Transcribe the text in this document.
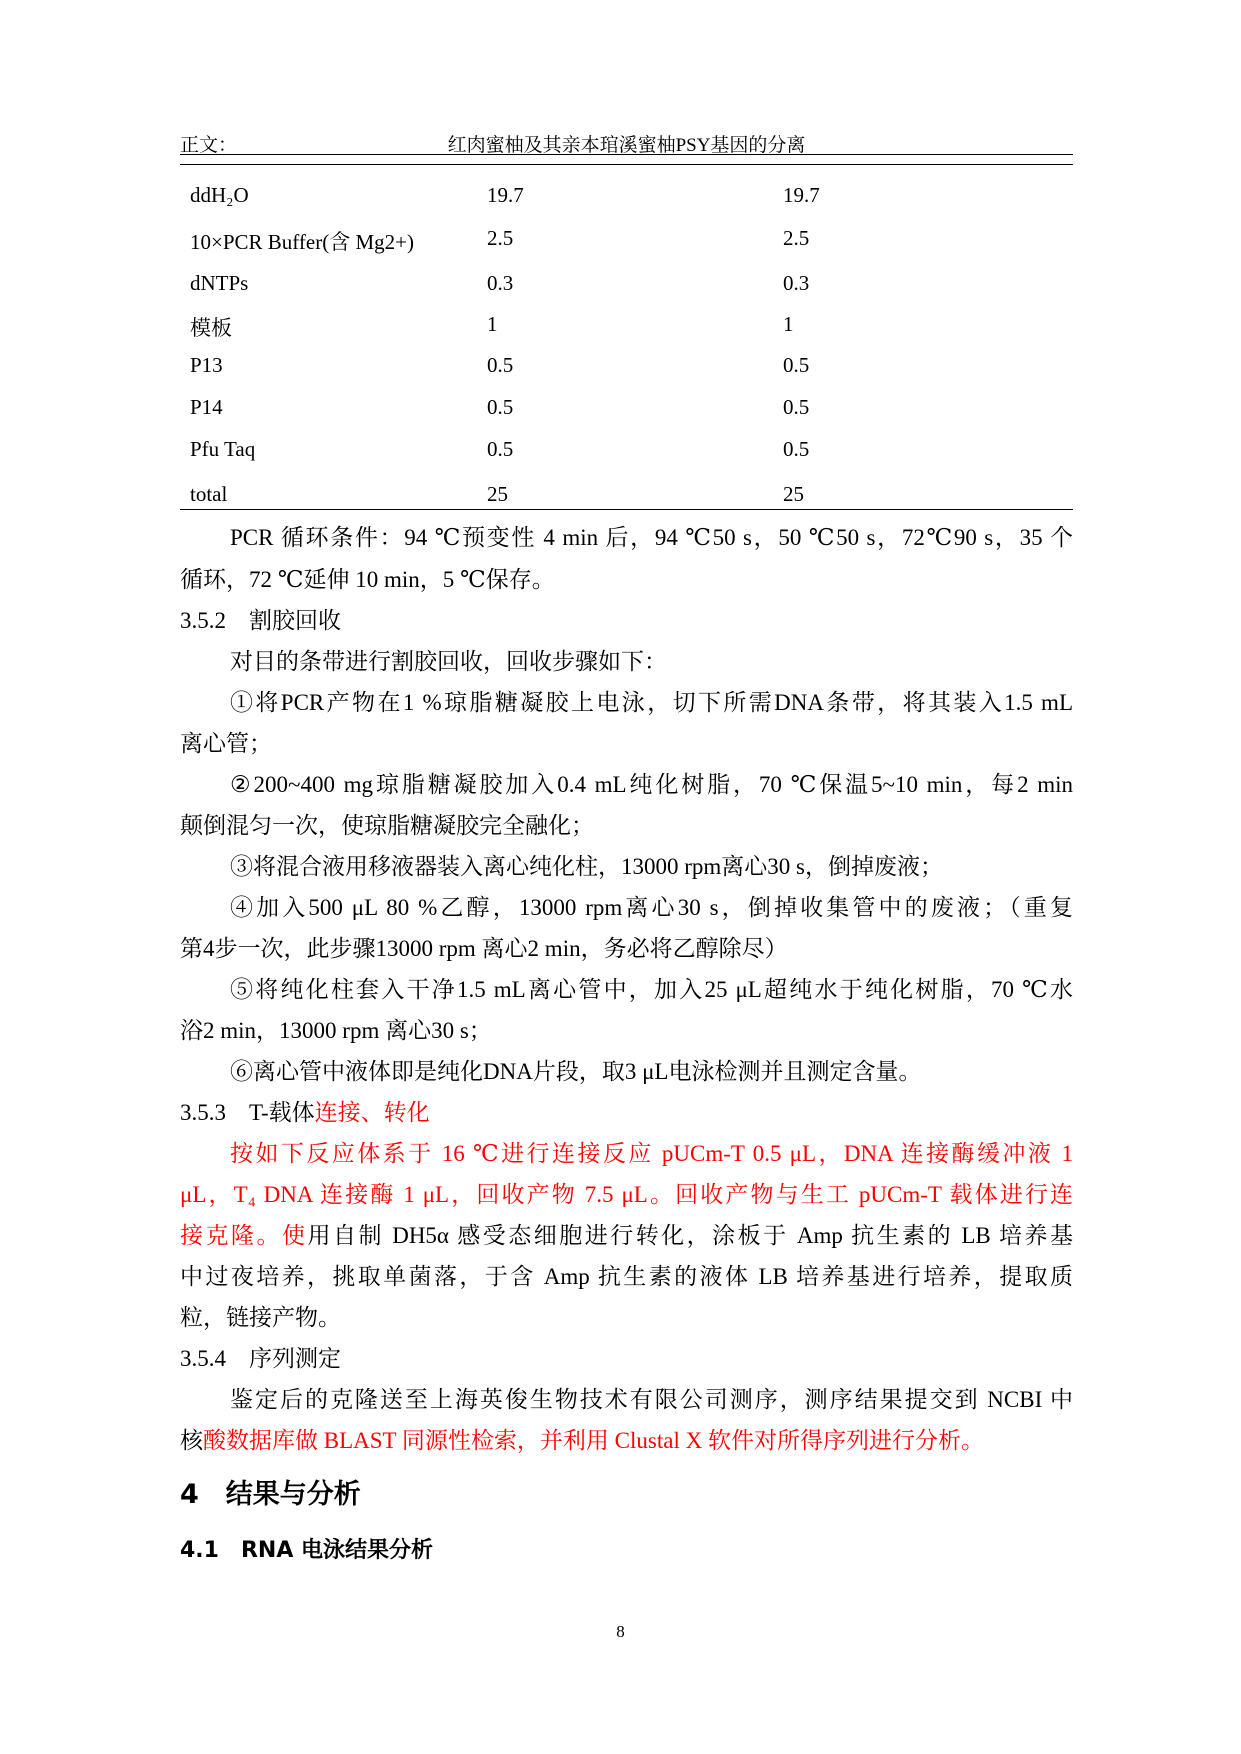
正文：	红肉蜜柚及其亲本琯溪蜜柚PSY基因的分离
ddH₂O	19.7	19.7
10×PCR Buffer(含 Mg2+)	2.5	2.5
dNTPs	0.3	0.3
模板	1	1
P13	0.5	0.5
P14	0.5	0.5
Pfu Taq	0.5	0.5
total	25	25
PCR 循环条件：94 ℃预变性 4 min 后，94 ℃50 s，50 ℃50 s，72℃90 s，35 个
循环，72 ℃延伸 10 min，5 ℃保存。
3.5.2　割胶回收
对目的条带进行割胶回收，回收步骤如下：
①将PCR产物在1 %琼脂糖凝胶上电泳，切下所需DNA条带，将其装入1.5 mL
离心管；
②200~400 mg琼脂糖凝胶加入0.4 mL纯化树脂，70 ℃保温5~10 min，每2 min
颠倒混匀一次，使琼脂糖凝胶完全融化；
③将混合液用移液器装入离心纯化柱，13000 rpm离心30 s，倒掉废液；
④加入500 μL 80 %乙醇，13000 rpm离心30 s，倒掉收集管中的废液；（重复
第4步一次，此步骤13000 rpm 离心2 min，务必将乙醇除尽）
⑤将纯化柱套入干净1.5 mL离心管中，加入25 μL超纯水于纯化树脂，70 ℃水
浴2 min，13000 rpm 离心30 s；
⑥离心管中液体即是纯化DNA片段，取3 μL电泳检测并且测定含量。
3.5.3　T-载体连接、转化
按如下反应体系于 16 ℃进行连接反应 pUCm-T 0.5 μL，DNA 连接酶缓冲液 1
μL，T₄ DNA 连接酶 1 μL，回收产物 7.5 μL。回收产物与生工 pUCm-T 载体进行连
接克隆。使用自制 DH5α 感受态细胞进行转化，涂板于 Amp 抗生素的 LB 培养基
中过夜培养，挑取单菌落，于含 Amp 抗生素的液体 LB 培养基进行培养，提取质
粒，链接产物。
3.5.4　序列测定
鉴定后的克隆送至上海英俊生物技术有限公司测序，测序结果提交到 NCBI 中
核酸数据库做 BLAST 同源性检索，并利用 Clustal X 软件对所得序列进行分析。
4　结果与分析
4.1　RNA 电泳结果分析
8
